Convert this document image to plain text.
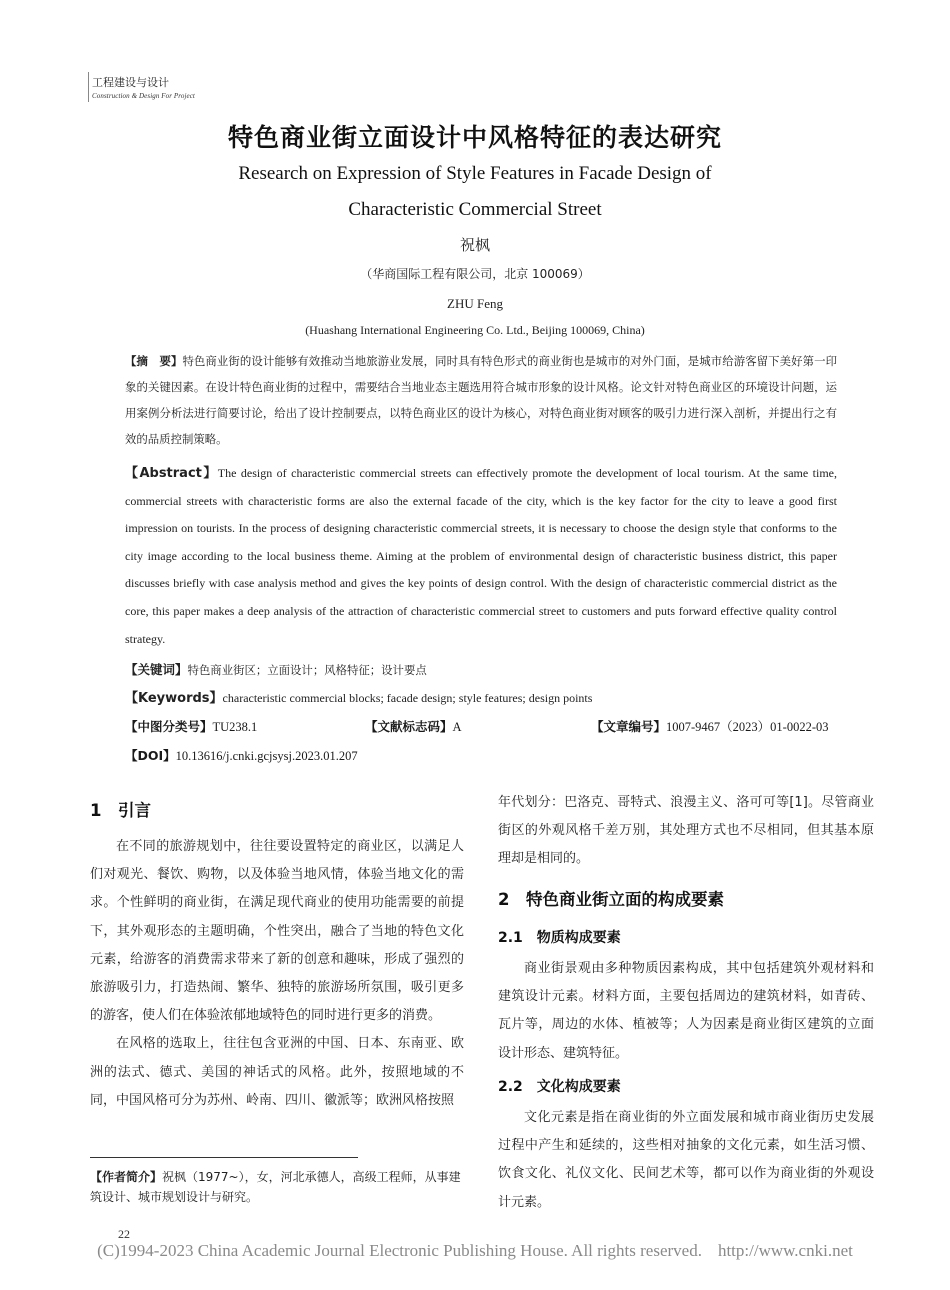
工程建设与设计
Construction & Design For Project
特色商业街立面设计中风格特征的表达研究
Research on Expression of Style Features in Facade Design of
Characteristic Commercial Street
祝枫
（华商国际工程有限公司，北京 100069）
ZHU Feng
(Huashang International Engineering Co. Ltd., Beijing 100069, China)
【摘　要】特色商业街的设计能够有效推动当地旅游业发展，同时具有特色形式的商业街也是城市的对外门面，是城市给游客留下美好第一印象的关键因素。在设计特色商业街的过程中，需要结合当地业态主题选用符合城市形象的设计风格。论文针对特色商业区的环境设计问题，运用案例分析法进行简要讨论，给出了设计控制要点，以特色商业区的设计为核心，对特色商业街对顾客的吸引力进行深入剖析，并提出行之有效的品质控制策略。
【Abstract】The design of characteristic commercial streets can effectively promote the development of local tourism. At the same time, commercial streets with characteristic forms are also the external facade of the city, which is the key factor for the city to leave a good first impression on tourists. In the process of designing characteristic commercial streets, it is necessary to choose the design style that conforms to the city image according to the local business theme. Aiming at the problem of environmental design of characteristic business district, this paper discusses briefly with case analysis method and gives the key points of design control. With the design of characteristic commercial district as the core, this paper makes a deep analysis of the attraction of characteristic commercial street to customers and puts forward effective quality control strategy.
【关键词】特色商业街区；立面设计；风格特征；设计要点
【Keywords】characteristic commercial blocks; facade design; style features; design points
【中图分类号】TU238.1	【文献标志码】A	【文章编号】1007-9467（2023）01-0022-03
【DOI】10.13616/j.cnki.gcjsysj.2023.01.207
1　引言

在不同的旅游规划中，往往要设置特定的商业区，以满足人们对观光、餐饮、购物，以及体验当地风情，体验当地文化的需求。个性鲜明的商业街，在满足现代商业的使用功能需要的前提下，其外观形态的主题明确，个性突出，融合了当地的特色文化元素，给游客的消费需求带来了新的创意和趣味，形成了强烈的旅游吸引力，打造热闹、繁华、独特的旅游场所氛围，吸引更多的游客，使人们在体验浓郁地域特色的同时进行更多的消费。

在风格的选取上，往往包含亚洲的中国、日本、东南亚、欧洲的法式、德式、美国的神话式的风格。此外，按照地域的不同，中国风格可分为苏州、岭南、四川、徽派等；欧洲风格按照

【作者简介】祝枫（1977~），女，河北承德人，高级工程师，从事建筑设计、城市规划设计与研究。

年代划分：巴洛克、哥特式、浪漫主义、洛可可等[1]。尽管商业街区的外观风格千差万别，其处理方式也不尽相同，但其基本原理却是相同的。

2　特色商业街立面的构成要素
2.1　物质构成要素

商业街景观由多种物质因素构成，其中包括建筑外观材料和建筑设计元素。材料方面，主要包括周边的建筑材料，如青砖、瓦片等，周边的水体、植被等；人为因素是商业街区建筑的立面设计形态、建筑特征。

2.2　文化构成要素

文化元素是指在商业街的外立面发展和城市商业街历史发展过程中产生和延续的，这些相对抽象的文化元素，如生活习惯、饮食文化、礼仪文化、民间艺术等，都可以作为商业街的外观设计元素。

22
(C)1994-2023 China Academic Journal Electronic Publishing House. All rights reserved. http://www.cnki.net
